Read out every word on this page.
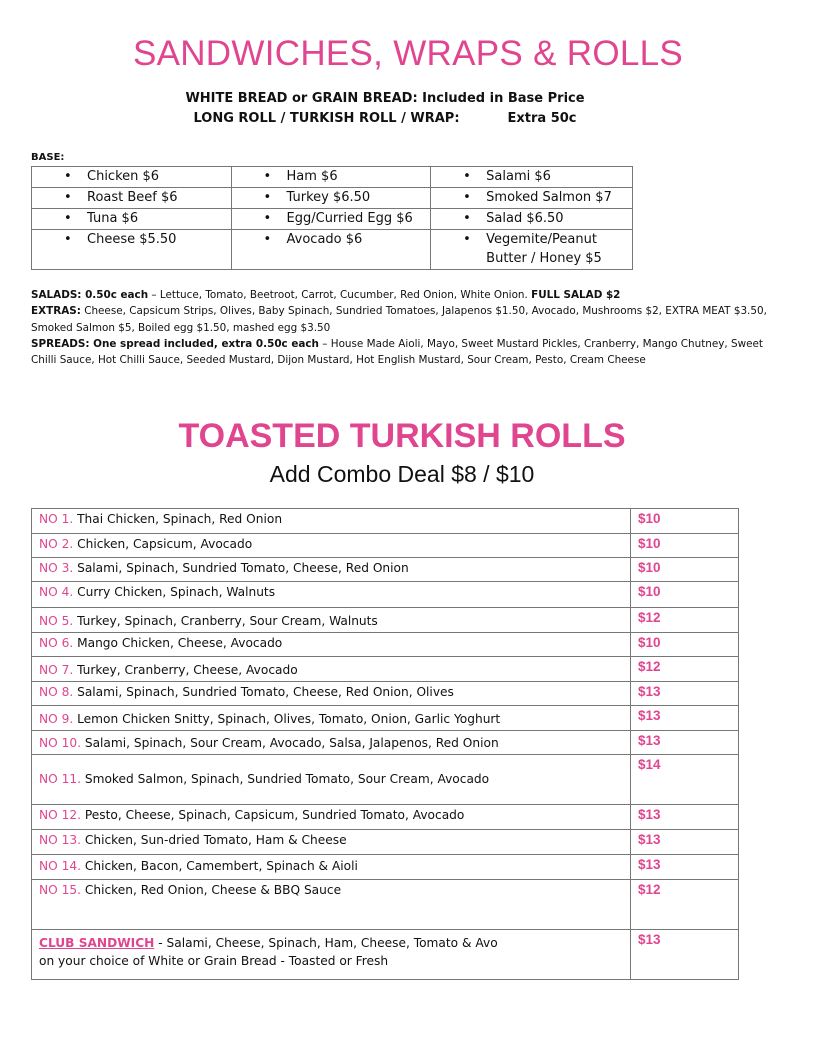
SANDWICHES, WRAPS & ROLLS
WHITE BREAD or GRAIN BREAD: Included in Base Price
LONG ROLL / TURKISH ROLL / WRAP:	Extra 50c
BASE:
• Chicken $6	• Ham $6	• Salami $6

• Roast Beef $6	• Turkey $6.50	• Smoked Salmon $7

• Tuna $6	• Egg/Curried Egg $6	• Salad $6.50

• Cheese $5.50	• Avocado $6	• Vegemite/Peanut
Butter / Honey $5
SALADS: 0.50c each – Lettuce, Tomato, Beetroot, Carrot, Cucumber, Red Onion, White Onion. FULL SALAD $2
EXTRAS: Cheese, Capsicum Strips, Olives, Baby Spinach, Sundried Tomatoes, Jalapenos $1.50, Avocado, Mushrooms $2, EXTRA MEAT $3.50, Smoked Salmon $5, Boiled egg $1.50, mashed egg $3.50
SPREADS: One spread included, extra 0.50c each – House Made Aioli, Mayo, Sweet Mustard Pickles, Cranberry, Mango Chutney, Sweet Chilli Sauce, Hot Chilli Sauce, Seeded Mustard, Dijon Mustard, Hot English Mustard, Sour Cream, Pesto, Cream Cheese
TOASTED TURKISH ROLLS
Add Combo Deal $8 / $10
NO 1. Thai Chicken, Spinach, Red Onion	$10

NO 2. Chicken, Capsicum, Avocado	$10

NO 3. Salami, Spinach, Sundried Tomato, Cheese, Red Onion	$10

NO 4. Curry Chicken, Spinach, Walnuts	$10

NO 5. Turkey, Spinach, Cranberry, Sour Cream, Walnuts	$12

NO 6. Mango Chicken, Cheese, Avocado	$10

NO 7. Turkey, Cranberry, Cheese, Avocado	$12

NO 8. Salami, Spinach, Sundried Tomato, Cheese, Red Onion, Olives	$13

NO 9. Lemon Chicken Snitty, Spinach, Olives, Tomato, Onion, Garlic Yoghurt	$13

NO 10. Salami, Spinach, Sour Cream, Avocado, Salsa, Jalapenos, Red Onion	$13

NO 11. Smoked Salmon, Spinach, Sundried Tomato, Sour Cream, Avocado	$14

NO 12. Pesto, Cheese, Spinach, Capsicum, Sundried Tomato, Avocado	$13

NO 13. Chicken, Sun-dried Tomato, Ham & Cheese	$13

NO 14. Chicken, Bacon, Camembert, Spinach & Aioli	$13

NO 15. Chicken, Red Onion, Cheese & BBQ Sauce	$12

CLUB SANDWICH - Salami, Cheese, Spinach, Ham, Cheese, Tomato & Avo
on your choice of White or Grain Bread - Toasted or Fresh	$13
